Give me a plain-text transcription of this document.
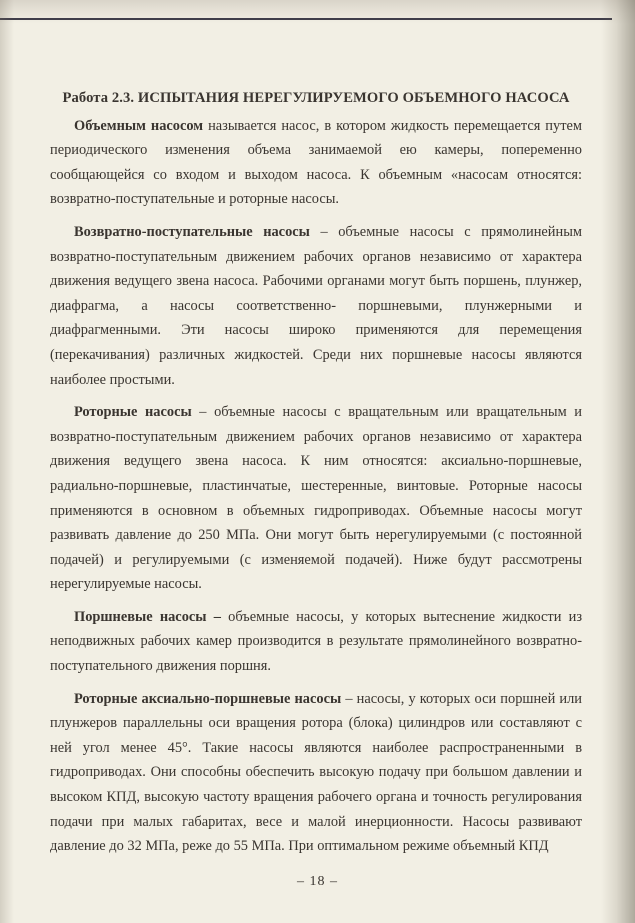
Работа 2.3. ИСПЫТАНИЯ НЕРЕГУЛИРУЕМОГО ОБЪЕМНОГО НАСОСА

Объемным насосом называется насос, в котором жидкость перемещается путем периодического изменения объема занимаемой ею камеры, попеременно сообщающейся со входом и выходом насоса. К объемным «насосам относятся: возвратно-поступательные и роторные насосы.

Возвратно-поступательные насосы – объемные насосы с прямолинейным возвратно-поступательным движением рабочих органов независимо от характера движения ведущего звена насоса. Рабочими органами могут быть поршень, плунжер, диафрагма, а насосы соответственно- поршневыми, плунжерными и диафрагменными. Эти насосы широко применяются для перемещения (перекачивания) различных жидкостей. Среди них поршневые насосы являются наиболее простыми.

Роторные насосы – объемные насосы с вращательным или вращательным и возвратно-поступательным движением рабочих органов независимо от характера движения ведущего звена насоса. К ним относятся: аксиально-поршневые, радиально-поршневые, пластинчатые, шестеренные, винтовые. Роторные насосы применяются в основном в объемных гидроприводах. Объемные насосы могут развивать давление до 250 МПа. Они могут быть нерегулируемыми (с постоянной подачей) и регулируемыми (с изменяемой подачей). Ниже будут рассмотрены нерегулируемые насосы.

Поршневые насосы – объемные насосы, у которых вытеснение жидкости из неподвижных рабочих камер производится в результате прямолинейного возвратно-поступательного движения поршня.

Роторные аксиально-поршневые насосы – насосы, у которых оси поршней или плунжеров параллельны оси вращения ротора (блока) цилиндров или составляют с ней угол менее 45°. Такие насосы являются наиболее распространенными в гидроприводах. Они способны обеспечить высокую подачу при большом давлении и высоком КПД, высокую частоту вращения рабочего органа и точность регулирования подачи при малых габаритах, весе и малой инерционности. Насосы развивают давление до 32 МПа, реже до 55 МПа. При оптимальном режиме объемный КПД

– 18 –
